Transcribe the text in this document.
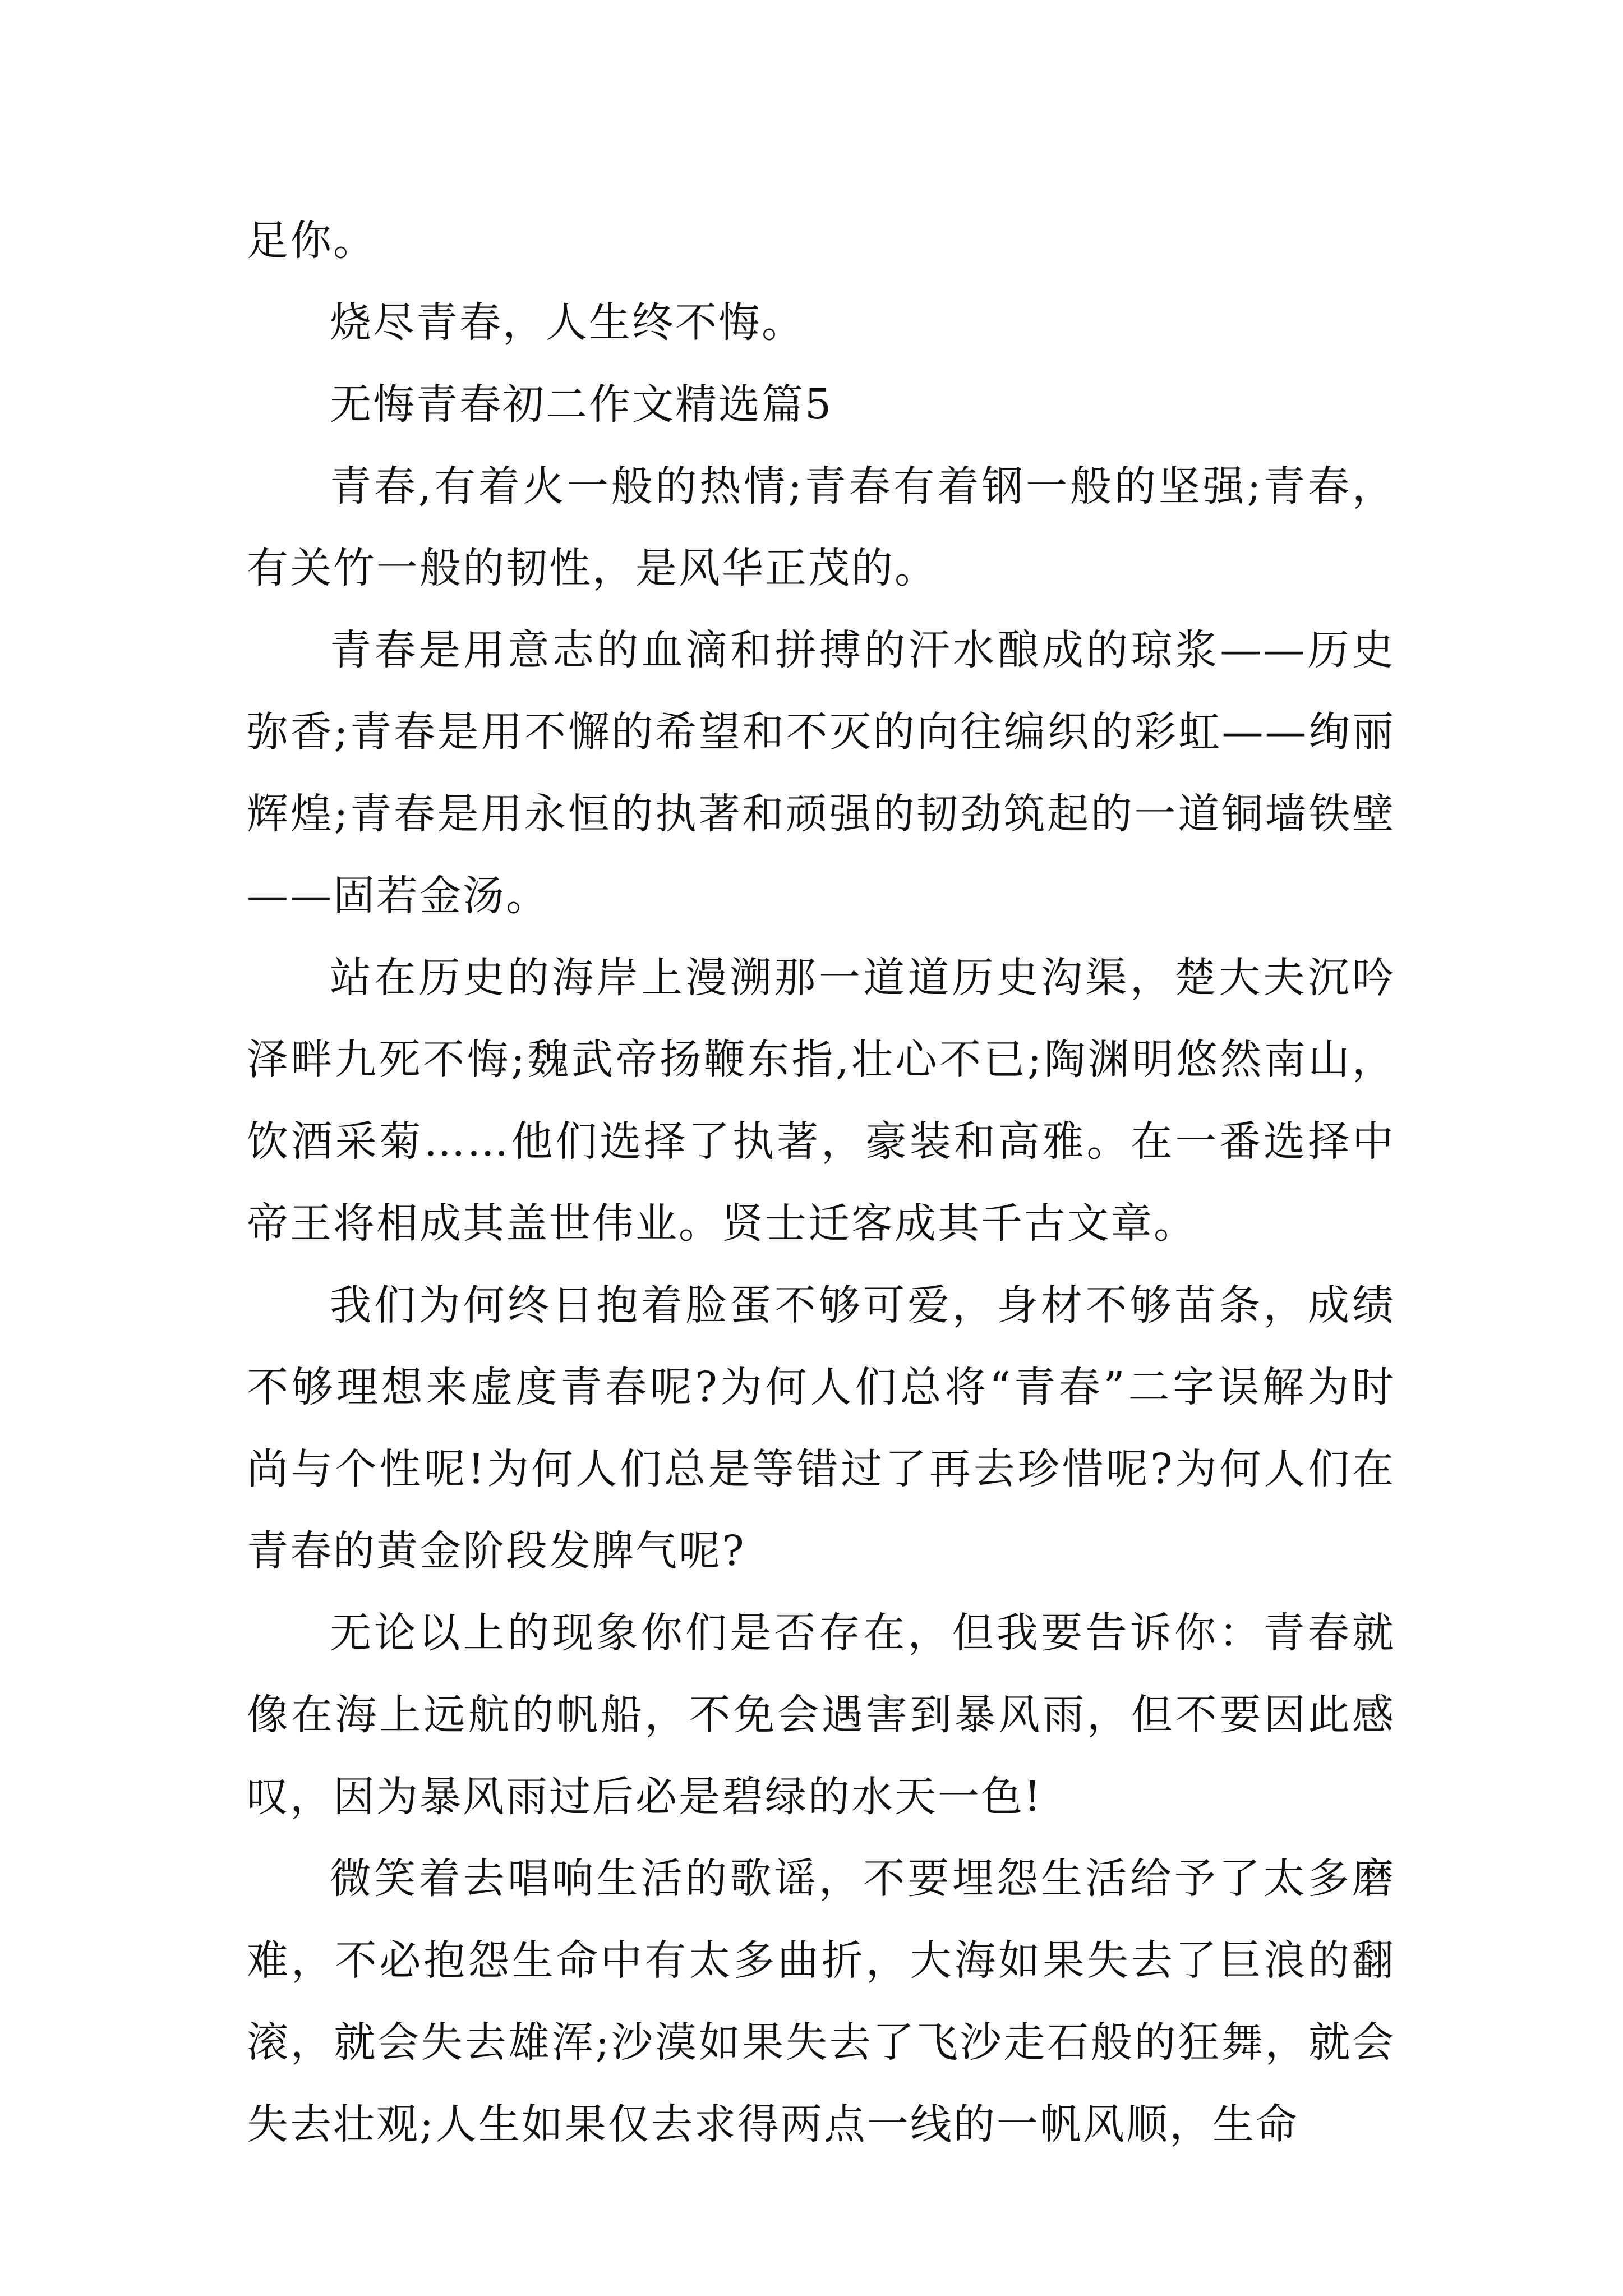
足你。

烧尽青春，人生终不悔。

无悔青春初二作文精选篇5

青春,有着火一般的热情;青春有着钢一般的坚强;青春，有关竹一般的韧性，是风华正茂的。

青春是用意志的血滴和拼搏的汗水酿成的琼浆——历史弥香;青春是用不懈的希望和不灭的向往编织的彩虹——绚丽辉煌;青春是用永恒的执著和顽强的韧劲筑起的一道铜墙铁壁——固若金汤。

站在历史的海岸上漫溯那一道道历史沟渠，楚大夫沉吟泽畔九死不悔;魏武帝扬鞭东指,壮心不已;陶渊明悠然南山，饮酒采菊……他们选择了执著，豪装和高雅。在一番选择中帝王将相成其盖世伟业。贤士迁客成其千古文章。

我们为何终日抱着脸蛋不够可爱，身材不够苗条，成绩不够理想来虚度青春呢?为何人们总将“青春”二字误解为时尚与个性呢!为何人们总是等错过了再去珍惜呢?为何人们在青春的黄金阶段发脾气呢?

无论以上的现象你们是否存在，但我要告诉你：青春就像在海上远航的帆船，不免会遇害到暴风雨，但不要因此感叹，因为暴风雨过后必是碧绿的水天一色!

微笑着去唱响生活的歌谣，不要埋怨生活给予了太多磨难，不必抱怨生命中有太多曲折，大海如果失去了巨浪的翻滚，就会失去雄浑;沙漠如果失去了飞沙走石般的狂舞，就会失去壮观;人生如果仅去求得两点一线的一帆风顺，生命
